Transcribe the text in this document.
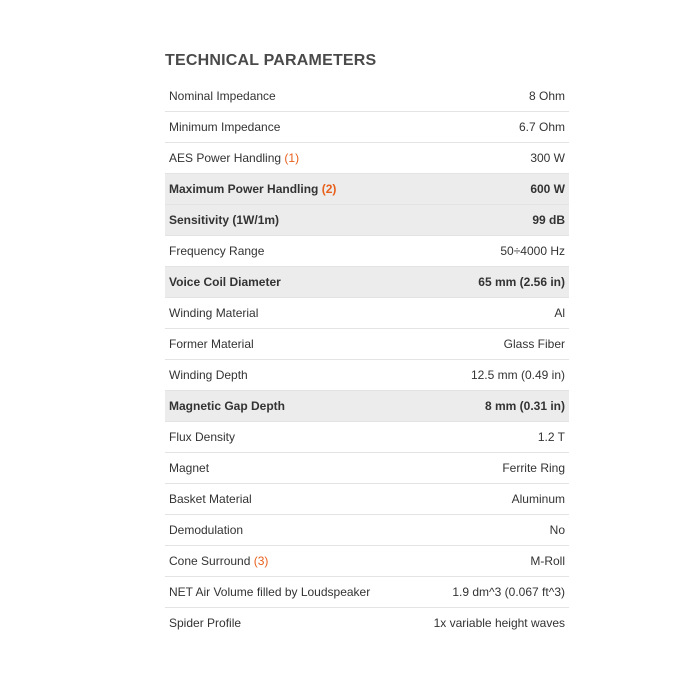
TECHNICAL PARAMETERS
Nominal Impedance	8 Ohm
Minimum Impedance	6.7 Ohm
AES Power Handling (1)	300 W
Maximum Power Handling (2)	600 W
Sensitivity (1W/1m)	99 dB
Frequency Range	50÷4000 Hz
Voice Coil Diameter	65 mm (2.56 in)
Winding Material	Al
Former Material	Glass Fiber
Winding Depth	12.5 mm (0.49 in)
Magnetic Gap Depth	8 mm (0.31 in)
Flux Density	1.2 T
Magnet	Ferrite Ring
Basket Material	Aluminum
Demodulation	No
Cone Surround (3)	M-Roll
NET Air Volume filled by Loudspeaker	1.9 dm^3 (0.067 ft^3)
Spider Profile	1x variable height waves
